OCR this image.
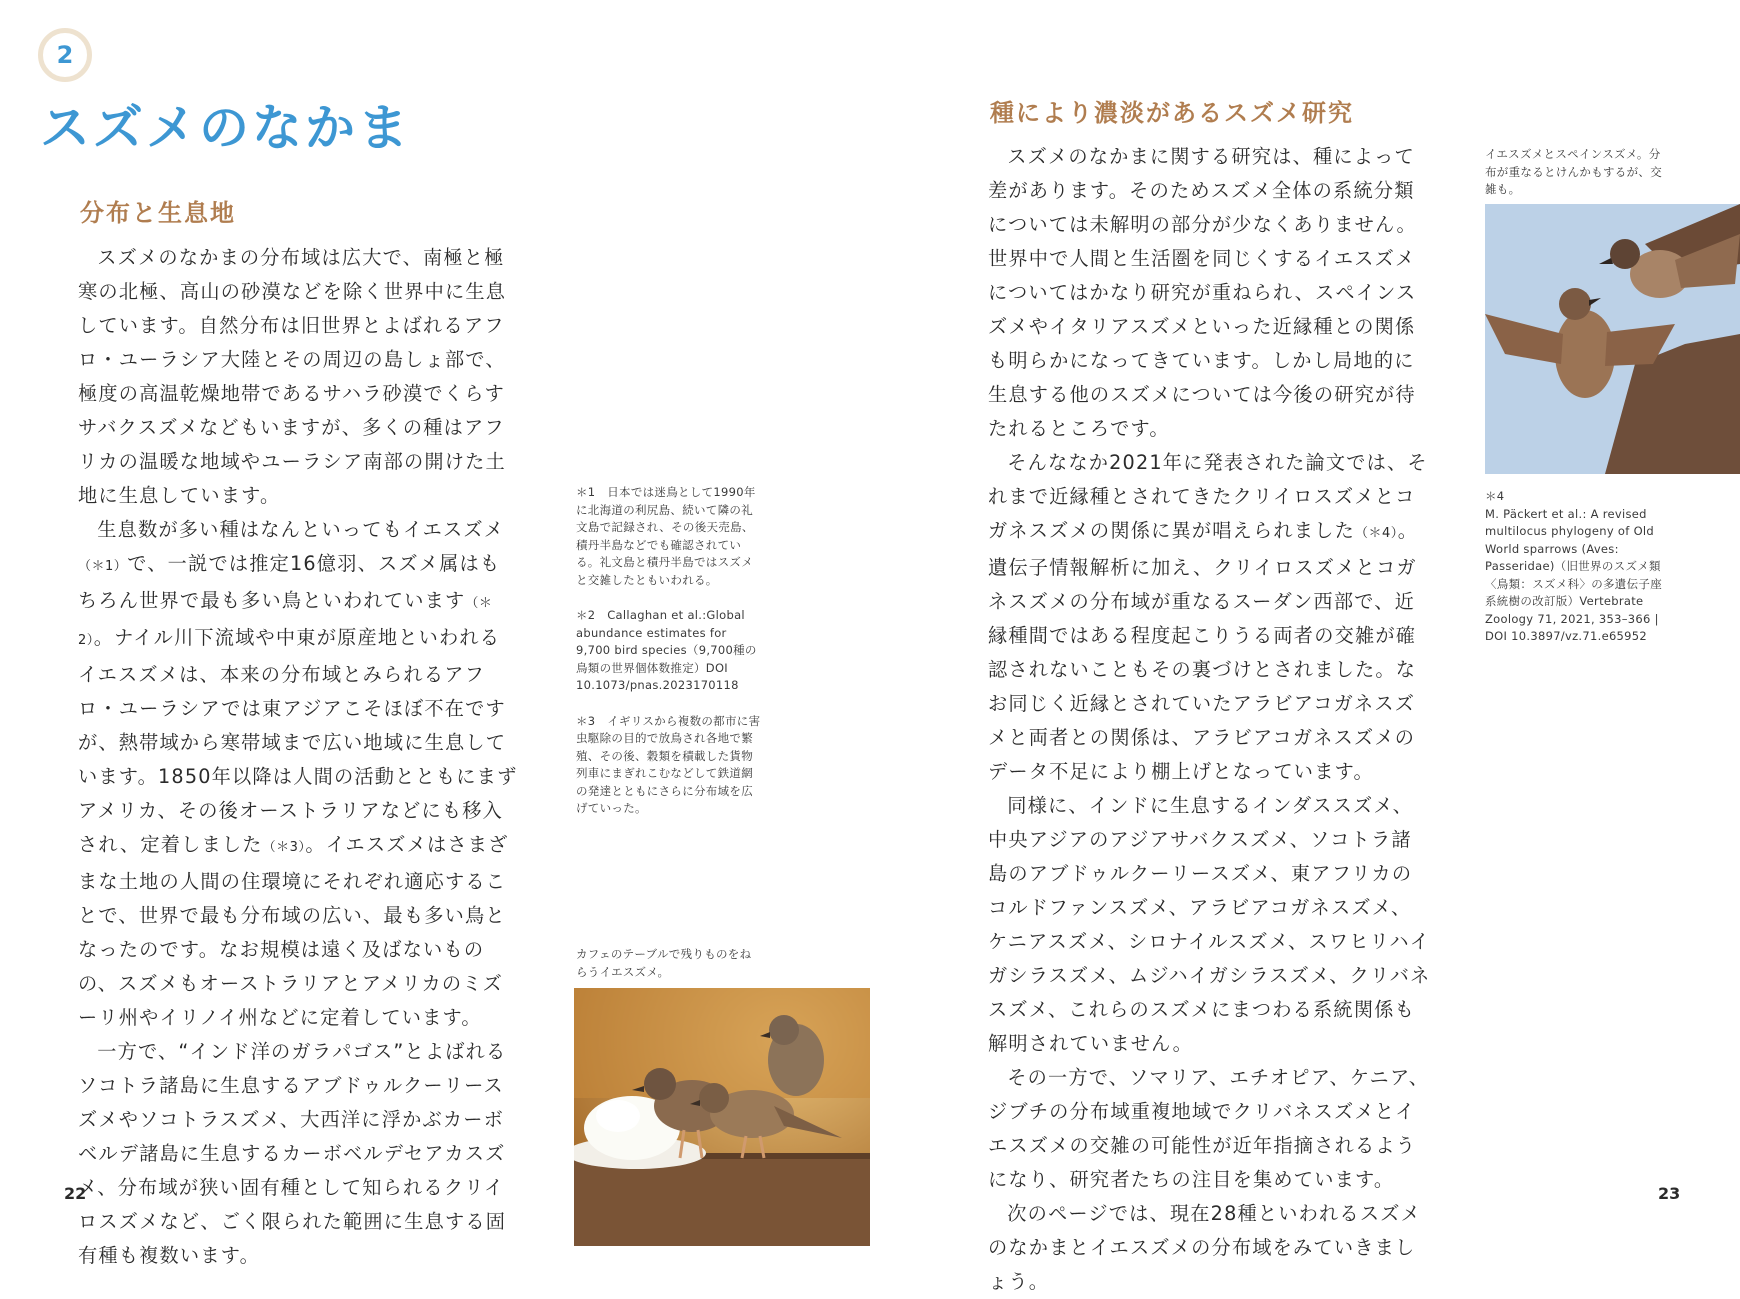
2
スズメのなかま
分布と生息地

スズメのなかまの分布域は広大で、南極と極寒の北極、高山の砂漠などを除く世界中に生息しています。自然分布は旧世界とよばれるアフロ・ユーラシア大陸とその周辺の島しょ部で、極度の高温乾燥地帯であるサハラ砂漠でくらすサバクスズメなどもいますが、多くの種はアフリカの温暖な地域やユーラシア南部の開けた土地に生息しています。

生息数が多い種はなんといってもイエスズメ（＊1）で、一説では推定16億羽、スズメ属はもちろん世界で最も多い鳥といわれています（＊2）。ナイル川下流域や中東が原産地といわれるイエスズメは、本来の分布域とみられるアフロ・ユーラシアでは東アジアこそほぼ不在ですが、熱帯域から寒帯域まで広い地域に生息しています。1850年以降は人間の活動とともにまずアメリカ、その後オーストラリアなどにも移入され、定着しました（＊3）。イエスズメはさまざまな土地の人間の住環境にそれぞれ適応することで、世界で最も分布域の広い、最も多い鳥となったのです。なお規模は遠く及ばないものの、スズメもオーストラリアとアメリカのミズーリ州やイリノイ州などに定着しています。

一方で、“インド洋のガラパゴス”とよばれるソコトラ諸島に生息するアブドゥルクーリースズメやソコトラスズメ、大西洋に浮かぶカーボベルデ諸島に生息するカーボベルデセアカスズメ、分布域が狭い固有種として知られるクリイロスズメなど、ごく限られた範囲に生息する固有種も複数います。

＊1　日本では迷鳥として1990年に北海道の利尻島、続いて隣の礼文島で記録され、その後天売島、積丹半島などでも確認されている。礼文島と積丹半島ではスズメと交雑したともいわれる。

＊2　Callaghan et al.:Global abundance estimates for 9,700 bird species（9,700種の鳥類の世界個体数推定）DOI 10.1073/pnas.2023170118

＊3　イギリスから複数の都市に害虫駆除の目的で放鳥され各地で繁殖、その後、穀類を積載した貨物列車にまぎれこむなどして鉄道網の発達とともにさらに分布域を広げていった。

カフェのテーブルで残りものをねらうイエスズメ。
22
種により濃淡があるスズメ研究

スズメのなかまに関する研究は、種によって差があります。そのためスズメ全体の系統分類については未解明の部分が少なくありません。世界中で人間と生活圏を同じくするイエスズメについてはかなり研究が重ねられ、スペインスズメやイタリアスズメといった近縁種との関係も明らかになってきています。しかし局地的に生息する他のスズメについては今後の研究が待たれるところです。

そんななか2021年に発表された論文では、それまで近縁種とされてきたクリイロスズメとコガネスズメの関係に異が唱えられました（＊4）。遺伝子情報解析に加え、クリイロスズメとコガネスズメの分布域が重なるスーダン西部で、近縁種間ではある程度起こりうる両者の交雑が確認されないこともその裏づけとされました。なお同じく近縁とされていたアラビアコガネスズメと両者との関係は、アラビアコガネスズメのデータ不足により棚上げとなっています。

同様に、インドに生息するインダススズメ、中央アジアのアジアサバクスズメ、ソコトラ諸島のアブドゥルクーリースズメ、東アフリカのコルドファンスズメ、アラビアコガネスズメ、ケニアスズメ、シロナイルスズメ、スワヒリハイガシラスズメ、ムジハイガシラスズメ、クリバネスズメ、これらのスズメにまつわる系統関係も解明されていません。

その一方で、ソマリア、エチオピア、ケニア、ジブチの分布域重複地域でクリバネスズメとイエスズメの交雑の可能性が近年指摘されるようになり、研究者たちの注目を集めています。

次のページでは、現在28種といわれるスズメのなかまとイエスズメの分布域をみていきましょう。

イエスズメとスペインスズメ。分布が重なるとけんかもするが、交雑も。
＊4
M. Päckert et al.: A revised multilocus phylogeny of Old World sparrows (Aves: Passeridae)（旧世界のスズメ類〈鳥類：スズメ科〉の多遺伝子座系統樹の改訂版）Vertebrate Zoology 71, 2021, 353–366 | DOI 10.3897/vz.71.e65952
23
